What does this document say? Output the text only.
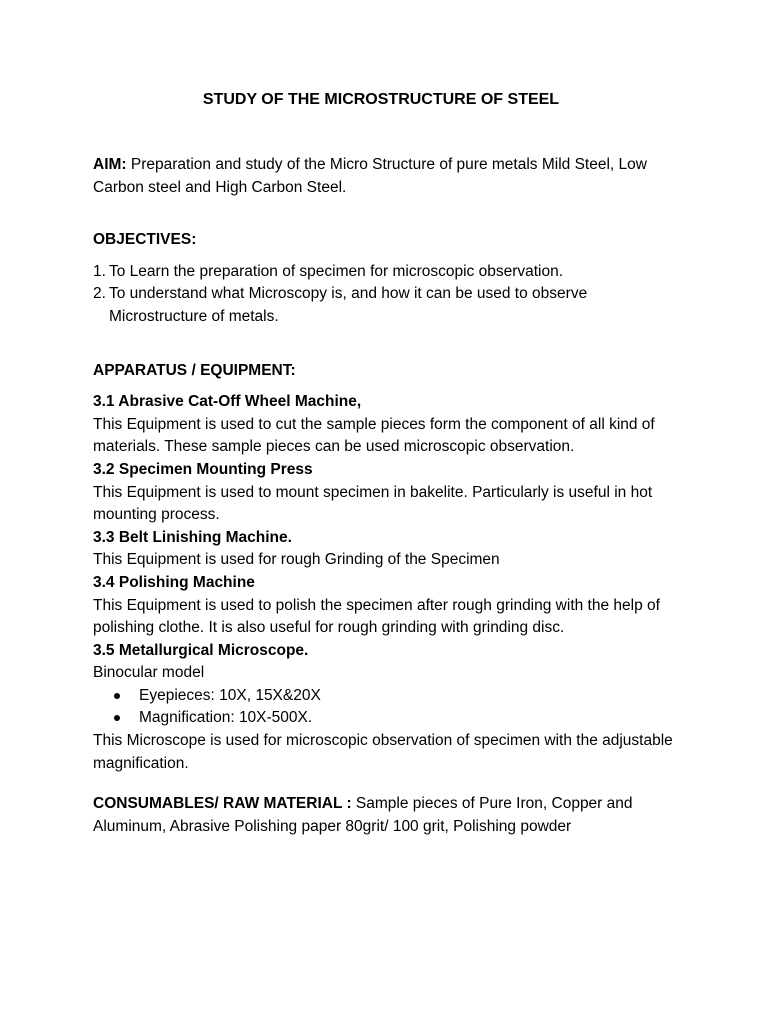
STUDY OF THE MICROSTRUCTURE OF STEEL

AIM: Preparation and study of the Micro Structure of pure metals Mild Steel, Low Carbon steel and High Carbon Steel.

OBJECTIVES:

1. To Learn the preparation of specimen for microscopic observation.
2. To understand what Microscopy is, and how it can be used to observe Microstructure of metals.

APPARATUS / EQUIPMENT:

3.1 Abrasive Cat-Off Wheel Machine,

This Equipment is used to cut the sample pieces form the component of all kind of materials. These sample pieces can be used microscopic observation.

3.2 Specimen Mounting Press

This Equipment is used to mount specimen in bakelite. Particularly is useful in hot mounting process.

3.3 Belt Linishing Machine.

This Equipment is used for rough Grinding of the Specimen

3.4 Polishing Machine

This Equipment is used to polish the specimen after rough grinding with the help of polishing clothe. It is also useful for rough grinding with grinding disc.

3.5 Metallurgical Microscope.

Binocular model

Eyepieces: 10X, 15X&20X
Magnification: 10X-500X.

This Microscope is used for microscopic observation of specimen with the adjustable magnification.

CONSUMABLES/ RAW MATERIAL : Sample pieces of Pure Iron, Copper and Aluminum, Abrasive Polishing paper 80grit/ 100 grit, Polishing powder
